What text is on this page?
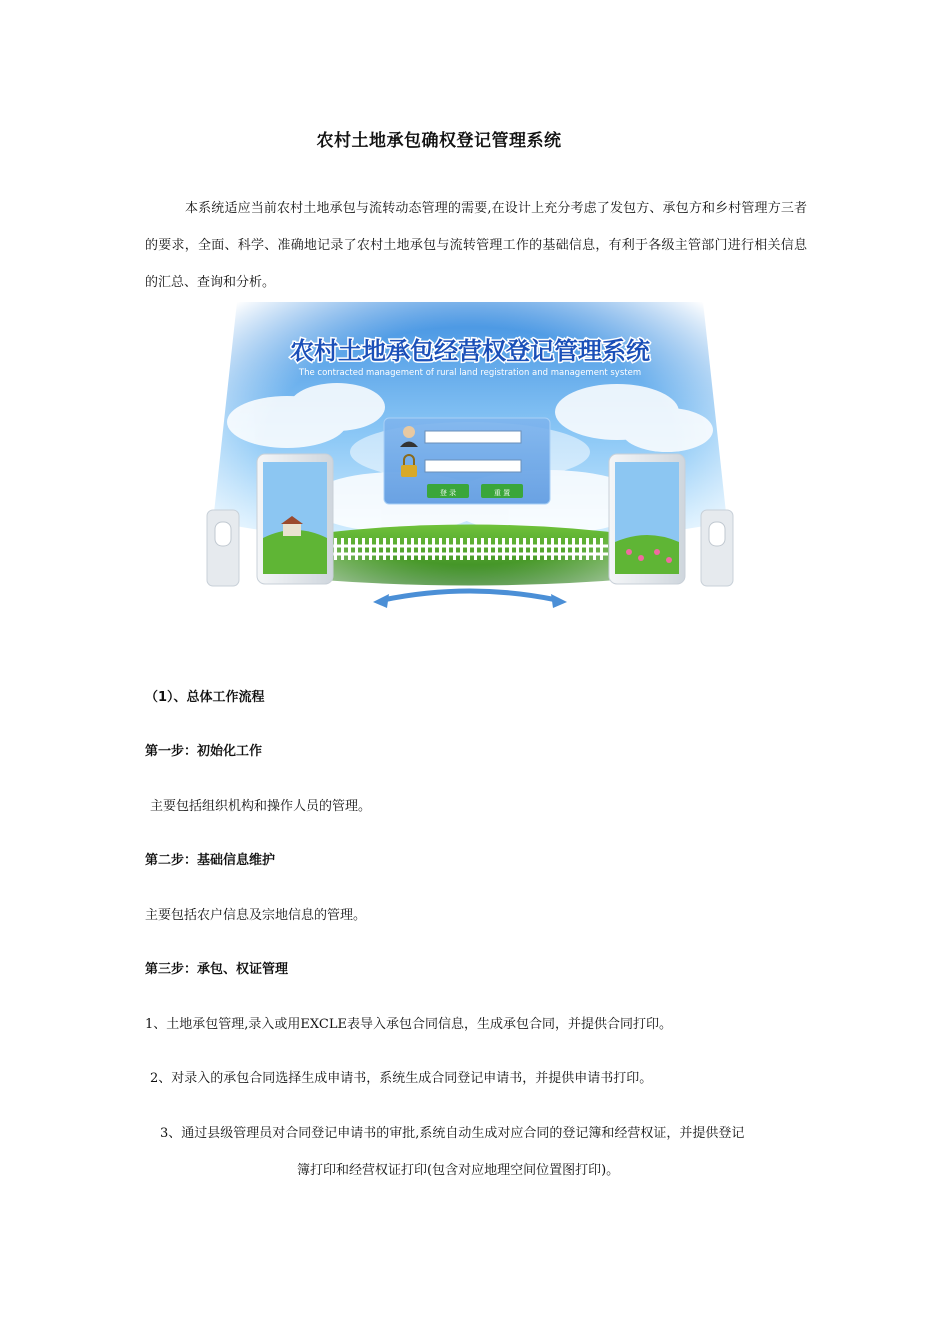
农村土地承包确权登记管理系统

本系统适应当前农村土地承包与流转动态管理的需要,在设计上充分考虑了发包方、承包方和乡村管理方三者的要求，全面、科学、准确地记录了农村土地承包与流转管理工作的基础信息，有利于各级主管部门进行相关信息的汇总、查询和分析。

农村土地承包经营权登记管理系统
The contracted management of rural land registration and management system
登 录	重 置

（1）、总体工作流程

第一步：初始化工作

主要包括组织机构和操作人员的管理。

第二步：基础信息维护

主要包括农户信息及宗地信息的管理。

第三步：承包、权证管理

1、土地承包管理,录入或用EXCLE表导入承包合同信息，生成承包合同，并提供合同打印。

2、对录入的承包合同选择生成申请书，系统生成合同登记申请书，并提供申请书打印。

3、通过县级管理员对合同登记申请书的审批,系统自动生成对应合同的登记簿和经营权证，并提供登记

簿打印和经营权证打印(包含对应地理空间位置图打印)。
